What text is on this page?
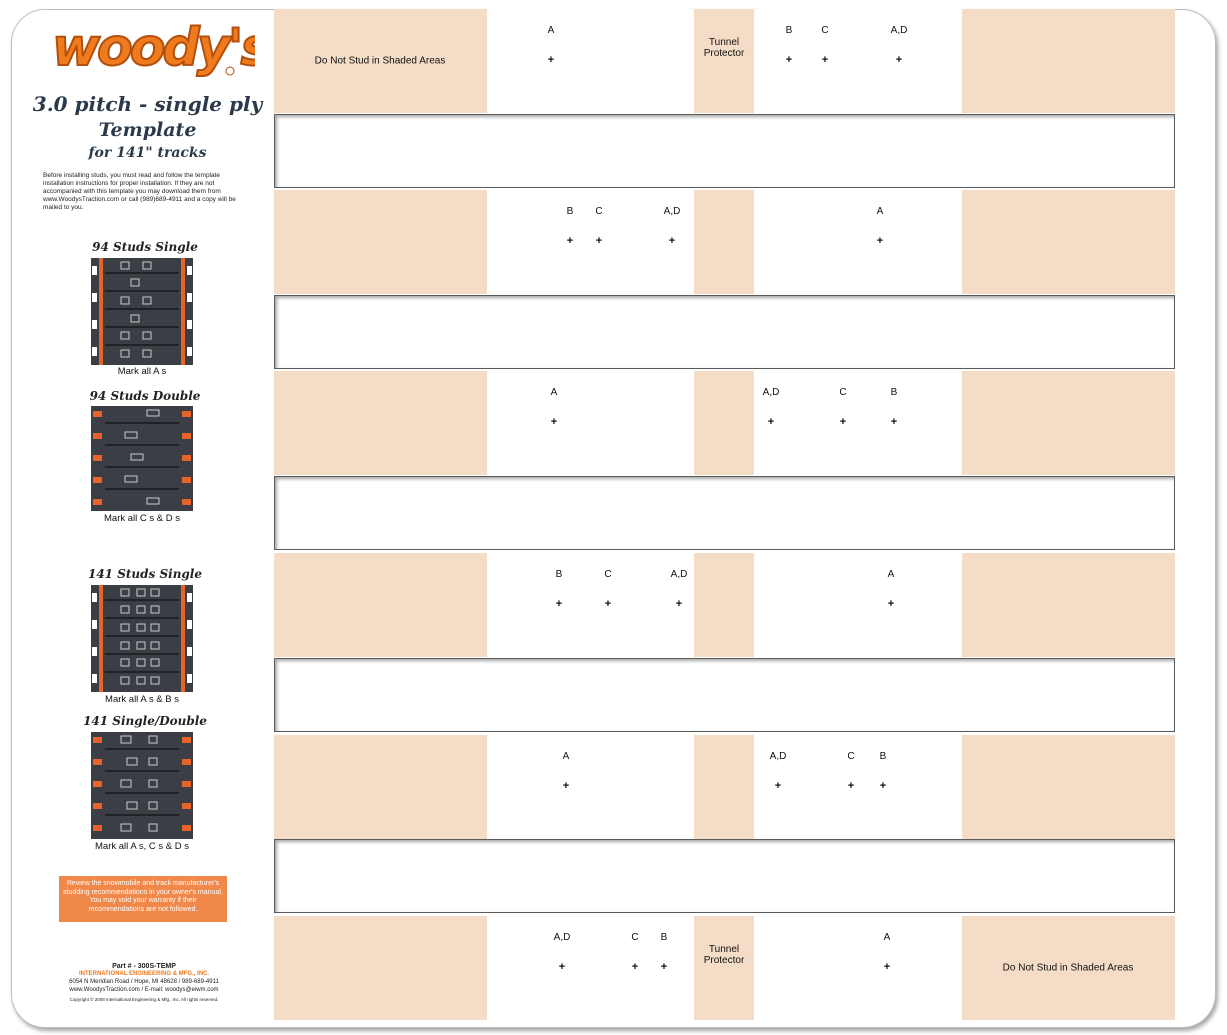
woody's
3.0 pitch - single ply
Template
for 141" tracks
Before installing studs, you must read and follow the template installation instructions for proper installation. If they are not accompanied with this template you may download them from www.WoodysTraction.com or call (989)689-4911 and a copy will be mailed to you.
94 Studs Single
Mark all A s
94 Studs Double
Mark all C s & D s
141 Studs Single
Mark all A s & B s
141 Single/Double
Mark all A s, C s & D s
Review the snowmobile and track manufacturer's studding recommendations in your owner's manual. You may void your warranty if their recommendations are not followed.
Part # - 300S-TEMP
INTERNATIONAL ENGINEERING & MFG., INC.
6054 N Meridian Road / Hope, MI 48628 / 989-689-4911
www.WoodysTraction.com / E-mail: woodys@eiwm.com
Copyright © 2008 International Engineering & Mfg., Inc. All rights reserved.
A
+
B
+
C
+
A,D
+
Tunnel Protector
Do Not Stud in Shaded Areas
B
+
C
+
A,D
+
A
+
A
+
A,D
+
C
+
B
+
B
+
C
+
A,D
+
A
+
A
+
A,D
+
C
+
B
+
A,D
+
C
+
B
+
A
+
Tunnel Protector
Do Not Stud in Shaded Areas
